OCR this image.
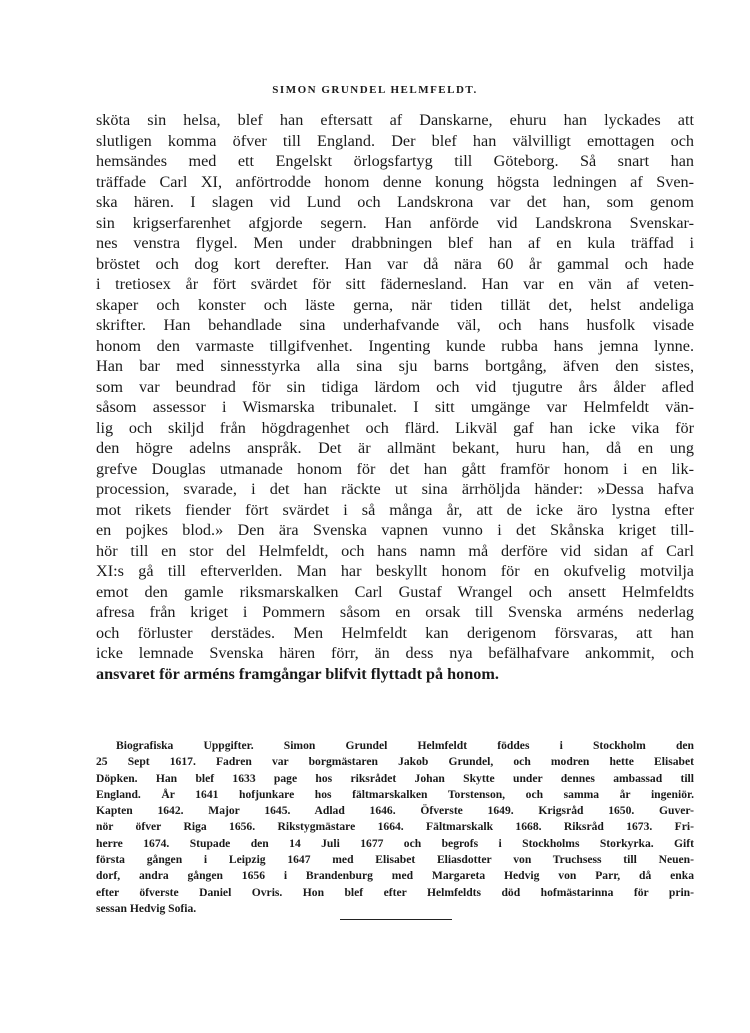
SIMON GRUNDEL HELMFELDT.
sköta sin helsa, blef han eftersatt af Danskarne, ehuru han lyckades att
slutligen komma öfver till England. Der blef han välvilligt emottagen och
hemsändes med ett Engelskt örlogsfartyg till Göteborg. Så snart han
träffade Carl XI, anförtrodde honom denne konung högsta ledningen af Sven-
ska hären. I slagen vid Lund och Landskrona var det han, som genom
sin krigserfarenhet afgjorde segern. Han anförde vid Landskrona Svenskar-
nes venstra flygel. Men under drabbningen blef han af en kula träffad i
bröstet och dog kort derefter. Han var då nära 60 år gammal och hade
i tretiosex år fört svärdet för sitt fädernesland. Han var en vän af veten-
skaper och konster och läste gerna, när tiden tillät det, helst andeliga
skrifter. Han behandlade sina underhafvande väl, och hans husfolk visade
honom den varmaste tillgifvenhet. Ingenting kunde rubba hans jemna lynne.
Han bar med sinnesstyrka alla sina sju barns bortgång, äfven den sistes,
som var beundrad för sin tidiga lärdom och vid tjugutre års ålder afled
såsom assessor i Wismarska tribunalet. I sitt umgänge var Helmfeldt vän-
lig och skiljd från högdragenhet och flärd. Likväl gaf han icke vika för
den högre adelns anspråk. Det är allmänt bekant, huru han, då en ung
grefve Douglas utmanade honom för det han gått framför honom i en lik-
procession, svarade, i det han räckte ut sina ärrhöljda händer: »Dessa hafva
mot rikets fiender fört svärdet i så många år, att de icke äro lystna efter
en pojkes blod.» Den ära Svenska vapnen vunno i det Skånska kriget till-
hör till en stor del Helmfeldt, och hans namn må derföre vid sidan af Carl
XI:s gå till efterverlden. Man har beskyllt honom för en okufvelig motvilja
emot den gamle riksmarskalken Carl Gustaf Wrangel och ansett Helmfeldts
afresa från kriget i Pommern såsom en orsak till Svenska arméns nederlag
och förluster derstädes. Men Helmfeldt kan derigenom försvaras, att han
icke lemnade Svenska hären förr, än dess nya befälhafvare ankommit, och
ansvaret för arméns framgångar blifvit flyttadt på honom.
Biografiska Uppgifter. Simon Grundel Helmfeldt föddes i Stockholm den
25 Sept 1617. Fadren var borgmästaren Jakob Grundel, och modren hette Elisabet
Döpken. Han blef 1633 page hos riksrådet Johan Skytte under dennes ambassad till
England. År 1641 hofjunkare hos fältmarskalken Torstenson, och samma år ingeniör.
Kapten 1642. Major 1645. Adlad 1646. Öfverste 1649. Krigsråd 1650. Guver-
nör öfver Riga 1656. Rikstygmästare 1664. Fältmarskalk 1668. Riksråd 1673. Fri-
herre 1674. Stupade den 14 Juli 1677 och begrofs i Stockholms Storkyrka. Gift
första gången i Leipzig 1647 med Elisabet Eliasdotter von Truchsess till Neuen-
dorf, andra gången 1656 i Brandenburg med Margareta Hedvig von Parr, då enka
efter öfverste Daniel Ovris. Hon blef efter Helmfeldts död hofmästarinna för prin-
sessan Hedvig Sofia.
